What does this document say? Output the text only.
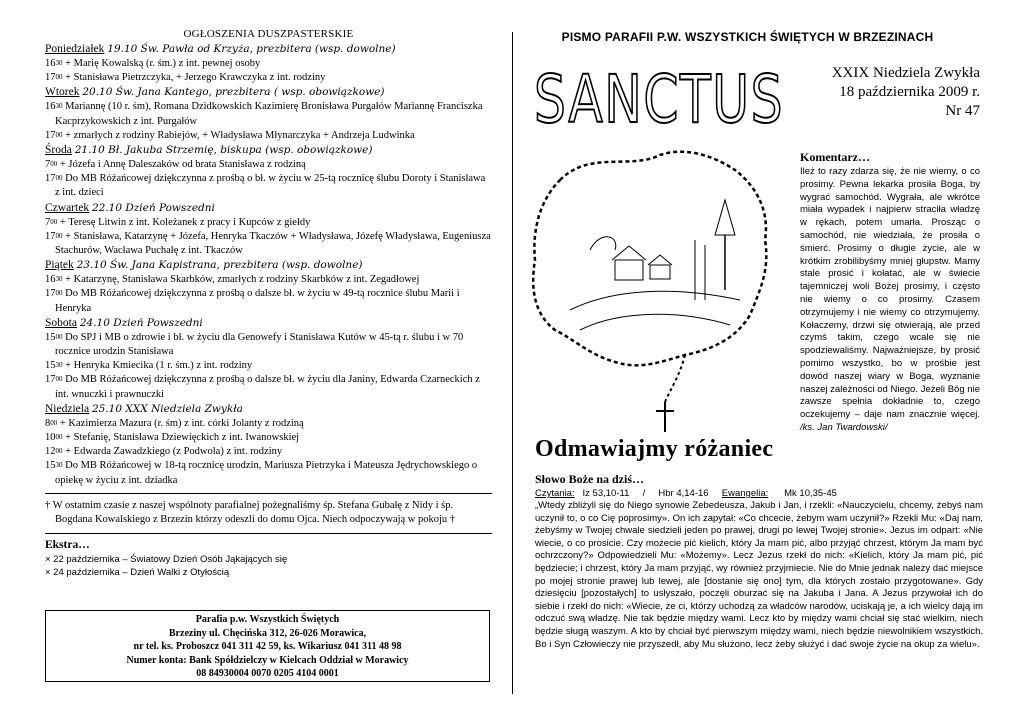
OGŁOSZENIA DUSZPASTERSKIE
Poniedziałek 19.10 Św. Pawła od Krzyża, prezbitera (wsp. dowolne)
$16^{30}$ + Marię Kowalską (r. śm.) z int. pewnej osoby
$17^{00}$ + Stanisława Pietrzczyka, + Jerzego Krawczyka z int. rodziny
Wtorek 20.10 Św. Jana Kantego, prezbitera ( wsp. obowiązkowe)
$16^{30}$ Mariannę (10 r. śm), Romana Dzidkowskich Kazimierę Bronisława Purgałów Mariannę Franciszka Kacprzykowskich z int. Purgałów
$17^{00}$ + zmarłych z rodziny Rabiejów, + Władysława Młynarczyka + Andrzeja Ludwinka
Środa 21.10 Bł. Jakuba Strzemię, biskupa (wsp. obowiązkowe)
$7^{00}$ + Józefa i Annę Daleszaków od brata Stanisława z rodziną
$17^{00}$ Do MB Różańcowej dziękczynna z prośbą o bł. w życiu w 25-tą rocznicę ślubu Doroty i Stanisława z int. dzieci
Czwartek 22.10 Dzień Powszedni
$7^{00}$ + Teresę Litwin z int. Koleżanek z pracy i Kupców z giełdy
$17^{00}$ + Stanisława, Katarzynę + Józefa, Henryka Tkaczów + Władysława, Józefę Władysława, Eugeniusza Stachurów, Wacława Puchałę z int. Tkaczów
Piątek 23.10 Św. Jana Kapistrana, prezbitera (wsp. dowolne)
$16^{30}$ + Katarzynę, Stanisława Skarbków, zmarłych z rodziny Skarbków z int. Zegadłowej
$17^{00}$ Do MB Różańcowej dziękczynna z prośbą o dalsze bł. w życiu w 49-tą rocznice ślubu Marii i Henryka
Sobota 24.10 Dzień Powszedni
$15^{00}$ Do SPJ i MB o zdrowie i bł. w życiu dla Genowefy i Stanisława Kutów w 45-tą r. ślubu i w 70 rocznice urodzin Stanisława
$15^{30}$ + Henryka Kmiecika (1 r. śm.) z int. rodziny
$17^{00}$ Do MB Różańcowej dziękczynna z prośbą o dalsze bł. w życiu dla Janiny, Edwarda Czarneckich z int. wnuczki i prawnuczki
Niedziela 25.10 XXX Niedziela Zwykła
$8^{00}$ + Kazimierza Mazura (r. śm) z int. córki Jolanty z rodziną
$10^{00}$ + Stefanię, Stanisława Dziewięckich z int. Iwanowskiej
$12^{00}$ + Edwarda Zawadzkiego (z Podwola) z int. rodziny
$15^{30}$ Do MB Różańcowej w 18-tą rocznicę urodzin, Mariusza Pietrzyka i Mateusza Jędrychowskiego o opiekę w życiu z int. dziadka
† W ostatnim czasie z naszej wspólnoty parafialnej pożegnaliśmy śp. Stefana Gubałę z Nidy i śp. Bogdana Kowalskiego z Brzezin którzy odeszli do domu Ojca. Niech odpoczywają w pokoju †
Ekstra…
× 22 października – Światowy Dzień Osób Jąkających się
× 24 października – Dzień Walki z Otyłością
Parafia p.w. Wszystkich Świętych
Brzeziny ul. Chęcińska 312, 26-026 Morawica,
nr tel. ks. Proboszcz 041 311 42 59, ks. Wikariusz 041 311 48 98
Numer konta: Bank Spółdzielczy w Kielcach Oddział w Morawicy
08 84930004 0070 0205 4104 0001
PISMO PARAFII P.W. WSZYSTKICH ŚWIĘTYCH W BRZEZINACH
SANCTUS	XXIX Niedziela Zwykła
18 października 2009 r.
Nr 47
Komentarz…
Ileż to razy zdarza się, że nie wiemy, o co prosimy. Pewna lekarka prosiła Boga, by wygrać samochód. Wygrała, ale wkrótce miała wypadek i najpierw straciła władzę w rękach, potem umarła. Prosząc o samochód, nie wiedziała, że prosiła o śmierć. Prosimy o długie życie, ale w krótkim zrobilibyśmy mniej głupstw. Mamy stale prosić i kołatać, ale w świecie tajemniczej woli Bożej prosimy, i często nie wiemy o co prosimy. Czasem otrzymujemy i nie wiemy co otrzymujemy. Kołaczemy, drzwi się otwierają, ale przed czymś takim, czego wcale się nie spodziewaliśmy. Najważniejsze, by prosić pomimo wszystko, bo w prośbie jest dowód naszej wiary w Boga, wyznanie naszej zależności od Niego. Jeżeli Bóg nie zawsze spełnia dokładnie to, czego oczekujemy – daje nam znacznie więcej. /ks. Jan Twardowski/
Odmawiajmy różaniec
Słowo Boże na dziś…
Czytania: Iz 53,10-11 / Hbr 4,14-16 Ewangelia: Mk 10,35-45
„Wtedy zbliżyli się do Niego synowie Zebedeusza, Jakub i Jan, i rzekli: «Nauczycielu, chcemy, żebyś nam uczynił to, o co Cię poprosimy». On ich zapytał: «Co chcecie, żebym wam uczynił?» Rzekli Mu: «Daj nam, żebyśmy w Twojej chwale siedzieli jeden po prawej, drugi po lewej Twojej stronie». Jezus im odpart: «Nie wiecie, o co prosicie. Czy możecie pić kielich, który Ja mam pić, albo przyjąć chrzest, którym Ja mam być ochrzczony?» Odpowiedzieli Mu: «Możemy». Lecz Jezus rzekł do nich: «Kielich, który Ja mam pić, pić będziecie; i chrzest, który Ja mam przyjąć, wy również przyjmiecie. Nie do Mnie jednak należy dać miejsce po mojej stronie prawej lub lewej, ale [dostanie się ono] tym, dla których zostało przygotowane». Gdy dziesięciu [pozostałych] to usłyszało, poczęli oburzać się na Jakuba i Jana. A Jezus przywołał ich do siebie i rzekł do nich: «Wiecie, że ci, którzy uchodzą za władców narodów, uciskają je, a ich wielcy dają im odczuć swą władzę. Nie tak będzie między wami. Lecz kto by między wami chciał się stać wielkim, niech będzie sługą waszym. A kto by chciał być pierwszym między wami, niech będzie niewolnikiem wszystkich. Bo i Syn Człowieczy nie przyszedł, aby Mu służono, lecz żeby służyć i dać swoje życie na okup za wielu».
